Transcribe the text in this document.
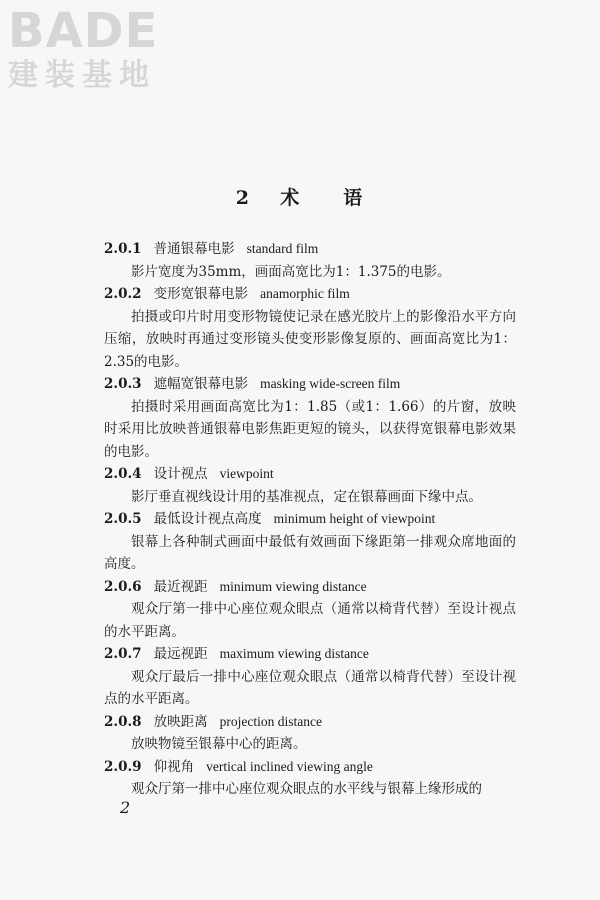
BADE
建装基地
2 术 语
2.0.1 普通银幕电影 standard film

影片宽度为35mm，画面高宽比为1：1.375的电影。

2.0.2 变形宽银幕电影 anamorphic film

拍摄或印片时用变形物镜使记录在感光胶片上的影像沿水平方向压缩，放映时再通过变形镜头使变形影像复原的、画面高宽比为1：2.35的电影。

2.0.3 遮幅宽银幕电影 masking wide-screen film

拍摄时采用画面高宽比为1：1.85（或1：1.66）的片窗，放映时采用比放映普通银幕电影焦距更短的镜头，以获得宽银幕电影效果的电影。

2.0.4 设计视点 viewpoint

影厅垂直视线设计用的基准视点，定在银幕画面下缘中点。

2.0.5 最低设计视点高度 minimum height of viewpoint

银幕上各种制式画面中最低有效画面下缘距第一排观众席地面的高度。

2.0.6 最近视距 minimum viewing distance

观众厅第一排中心座位观众眼点（通常以椅背代替）至设计视点的水平距离。

2.0.7 最远视距 maximum viewing distance

观众厅最后一排中心座位观众眼点（通常以椅背代替）至设计视点的水平距离。

2.0.8 放映距离 projection distance

放映物镜至银幕中心的距离。

2.0.9 仰视角 vertical inclined viewing angle

观众厅第一排中心座位观众眼点的水平线与银幕上缘形成的

2
